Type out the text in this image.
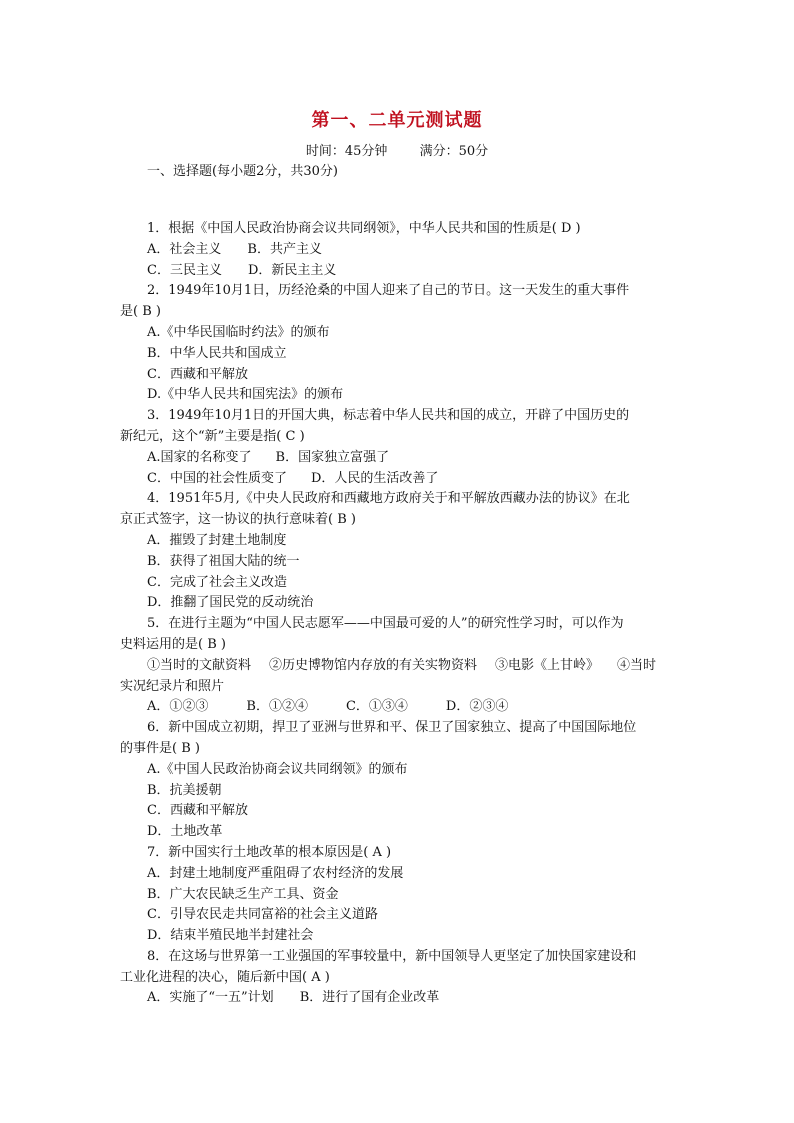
第一、二单元测试题
时间：45分钟 满分：50分
一、选择题(每小题2分，共30分)
1．根据《中国人民政治协商会议共同纲领》，中华人民共和国的性质是( D )
A．社会主义 B．共产主义
C．三民主义 D．新民主主义
2．1949年10月1日，历经沧桑的中国人迎来了自己的节日。这一天发生的重大事件
是( B )
A.《中华民国临时约法》的颁布
B．中华人民共和国成立
C．西藏和平解放
D.《中华人民共和国宪法》的颁布
3．1949年10月1日的开国大典，标志着中华人民共和国的成立，开辟了中国历史的
新纪元，这个“新”主要是指( C )
A.国家的名称变了 B．国家独立富强了
C．中国的社会性质变了 D．人民的生活改善了
4．1951年5月,《中央人民政府和西藏地方政府关于和平解放西藏办法的协议》在北
京正式签字，这一协议的执行意味着( B )
A．摧毁了封建土地制度
B．获得了祖国大陆的统一
C．完成了社会主义改造
D．推翻了国民党的反动统治
5．在进行主题为“中国人民志愿军——中国最可爱的人”的研究性学习时，可以作为
史料运用的是( B )
①当时的文献资料 ②历史博物馆内存放的有关实物资料 ③电影《上甘岭》 ④当时
实况纪录片和照片
A．①②③	B．①②④	C．①③④	D．②③④
6．新中国成立初期，捍卫了亚洲与世界和平、保卫了国家独立、提高了中国国际地位
的事件是( B )
A.《中国人民政治协商会议共同纲领》的颁布
B．抗美援朝
C．西藏和平解放
D．土地改革
7．新中国实行土地改革的根本原因是( A )
A．封建土地制度严重阻碍了农村经济的发展
B．广大农民缺乏生产工具、资金
C．引导农民走共同富裕的社会主义道路
D．结束半殖民地半封建社会
8．在这场与世界第一工业强国的军事较量中，新中国领导人更坚定了加快国家建设和
工业化进程的决心，随后新中国( A )
A．实施了“一五”计划 B．进行了国有企业改革
